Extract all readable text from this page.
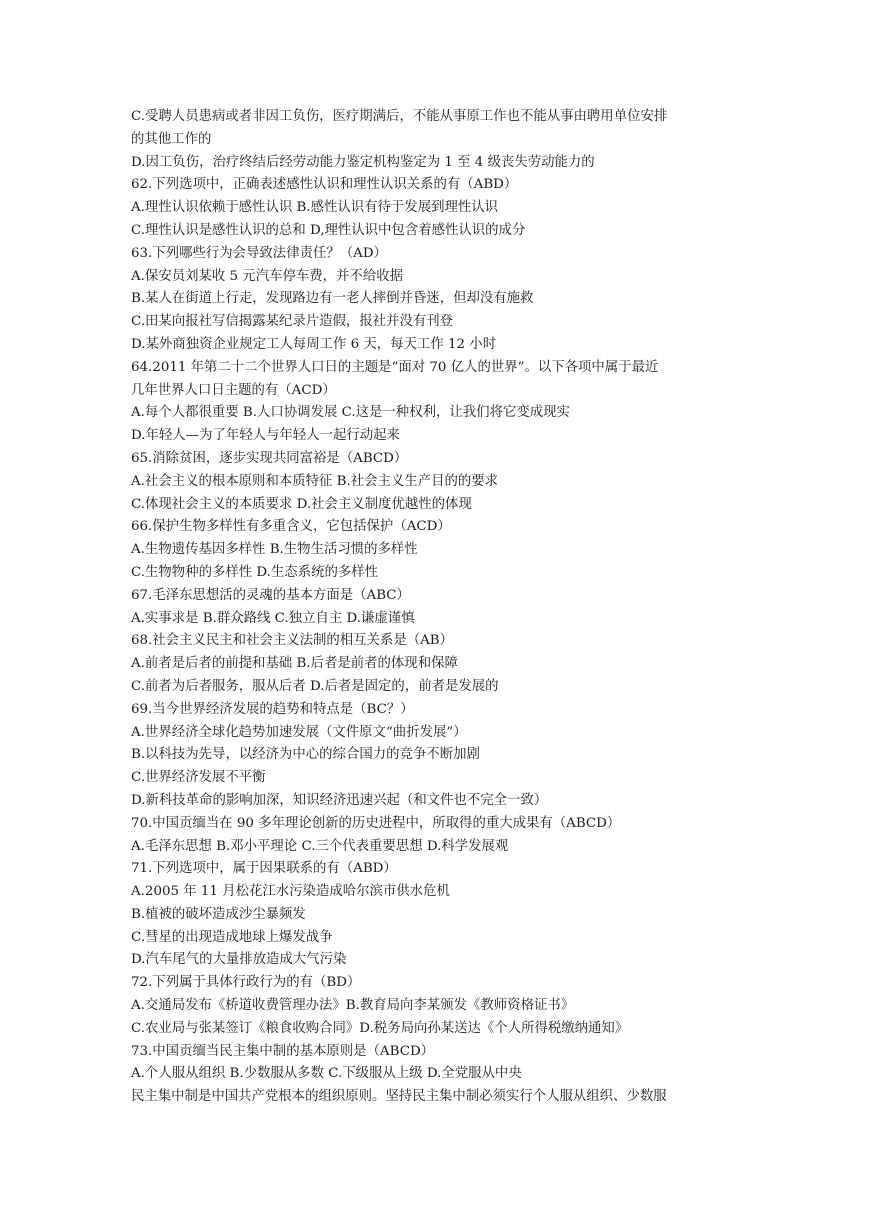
C.受聘人员患病或者非因工负伤，医疗期满后，不能从事原工作也不能从事由聘用单位安排
的其他工作的
D.因工负伤，治疗终结后经劳动能力鉴定机构鉴定为 1 至 4 级丧失劳动能力的
62.下列选项中，正确表述感性认识和理性认识关系的有（ABD）
A.理性认识依赖于感性认识 B.感性认识有待于发展到理性认识
C.理性认识是感性认识的总和 D,理性认识中包含着感性认识的成分
63.下列哪些行为会导致法律责任？（AD）
A.保安员刘某收 5 元汽车停车费，并不给收据
B.某人在街道上行走，发现路边有一老人摔倒并昏迷，但却没有施救
C.田某向报社写信揭露某纪录片造假，报社并没有刊登
D.某外商独资企业规定工人每周工作 6 天，每天工作 12 小时
64.2011 年第二十二个世界人口日的主题是“面对 70 亿人的世界”。以下各项中属于最近
几年世界人口日主题的有（ACD）
A.每个人都很重要 B.人口协调发展 C.这是一种权利，让我们将它变成现实
D.年轻人—为了年轻人与年轻人一起行动起来
65.消除贫困，逐步实现共同富裕是（ABCD）
A.社会主义的根本原则和本质特征 B.社会主义生产目的的要求
C.体现社会主义的本质要求 D.社会主义制度优越性的体现
66.保护生物多样性有多重含义，它包括保护（ACD）
A.生物遗传基因多样性 B.生物生活习惯的多样性
C.生物物种的多样性 D.生态系统的多样性
67.毛泽东思想活的灵魂的基本方面是（ABC）
A.实事求是 B.群众路线 C.独立自主 D.谦虚谨慎
68.社会主义民主和社会主义法制的相互关系是（AB）
A.前者是后者的前提和基础 B.后者是前者的体现和保障
C.前者为后者服务，服从后者 D.后者是固定的，前者是发展的
69.当今世界经济发展的趋势和特点是（BC？）
A.世界经济全球化趋势加速发展（文件原文“曲折发展”）
B.以科技为先导，以经济为中心的综合国力的竞争不断加剧
C.世界经济发展不平衡
D.新科技革命的影响加深，知识经济迅速兴起（和文件也不完全一致）
70.中国贡缅当在 90 多年理论创新的历史进程中，所取得的重大成果有（ABCD）
A.毛泽东思想 B.邓小平理论 C.三个代表重要思想 D.科学发展观
71.下列选项中，属于因果联系的有（ABD）
A.2005 年 11 月松花江水污染造成哈尔滨市供水危机
B.植被的破坏造成沙尘暴频发
C.彗星的出现造成地球上爆发战争
D.汽车尾气的大量排放造成大气污染
72.下列属于具体行政行为的有（BD）
A.交通局发布《桥道收费管理办法》B.教育局向李某颁发《教师资格证书》
C.农业局与张某签订《粮食收购合同》D.税务局向孙某送达《个人所得税缴纳通知》
73.中国贡缅当民主集中制的基本原则是（ABCD）
A.个人服从组织 B.少数服从多数 C.下级服从上级 D.全党服从中央
民主集中制是中国共产党根本的组织原则。坚持民主集中制必须实行个人服从组织、少数服
